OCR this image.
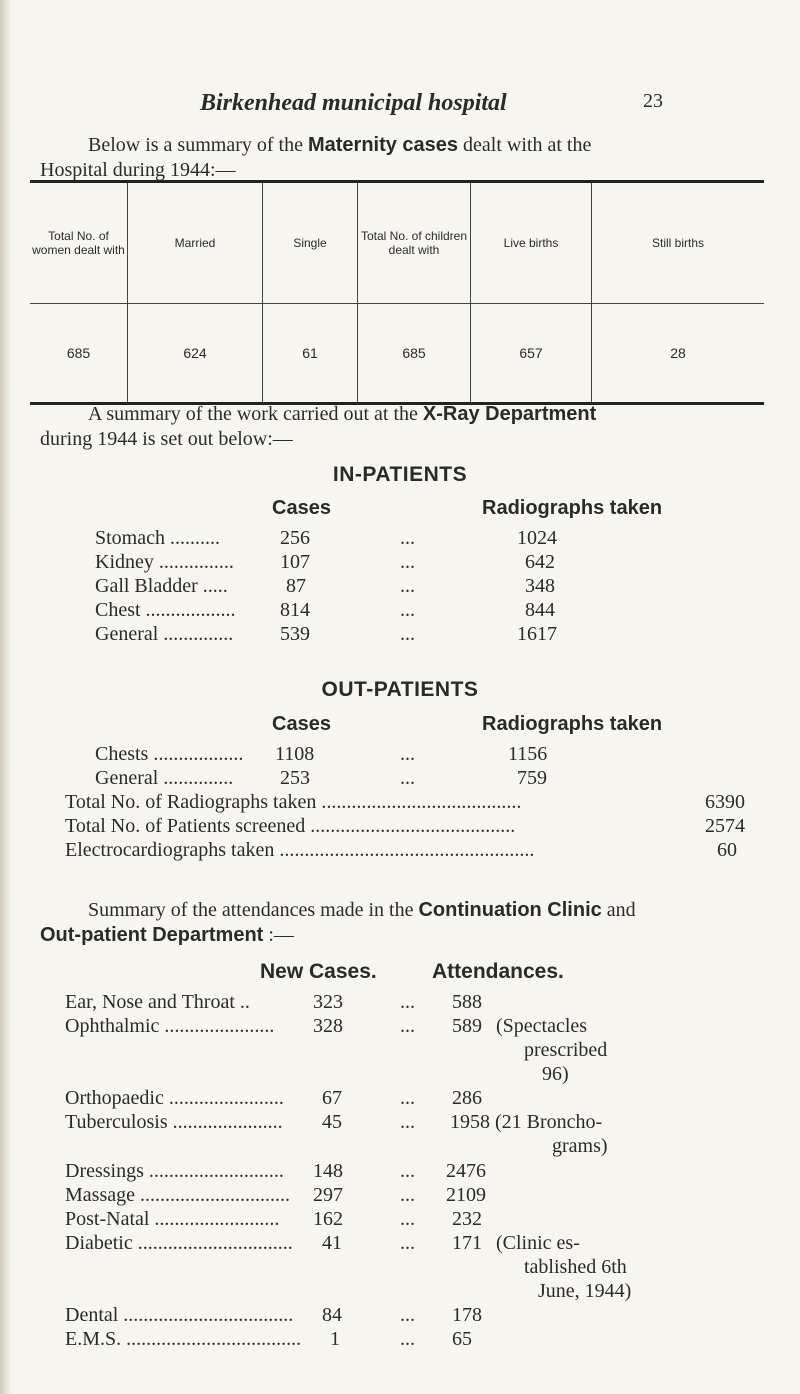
Birkenhead municipal hospital	23
Below is a summary of the Maternity cases dealt with at the
Hospital during 1944:—
Total No. of women dealt with	Married	Single	Total No. of children dealt with	Live births	Still births
685	624	61	685	657	28
A summary of the work carried out at the X-Ray Department
during 1944 is set out below:—
IN-PATIENTS
Cases	Radiographs taken
Stomach ..........	256	...	1024
Kidney ............... 107	...	642
Gall Bladder .....	87	...	348
Chest .................. 814	...	844
General .............. 539	...	1617
OUT-PATIENTS
Cases	Radiographs taken
Chests .................. 1108	...	1156
General .............. 253	...	759
Total No. of Radiographs taken ........................................	6390
Total No. of Patients screened .........................................	2574
Electrocardiographs taken ...................................................	60
Summary of the attendances made in the Continuation Clinic and
Out-patient Department :—
New Cases.	Attendances.
Ear, Nose and Throat ..	323	... 588
Ophthalmic ...................... 328	... 589 (Spectacles
prescribed
96)
Orthopaedic ....................... 67	... 286
Tuberculosis ...................... 45	... 1958 (21 Broncho-
grams)
Dressings ........................... 148	... 2476
Massage .............................. 297	... 2109
Post-Natal ......................... 162	... 232
Diabetic ............................... 41	... 171 (Clinic es-
tablished 6th
June, 1944)
Dental .................................. 84	... 178
E.M.S. ................................... 1	... 65
